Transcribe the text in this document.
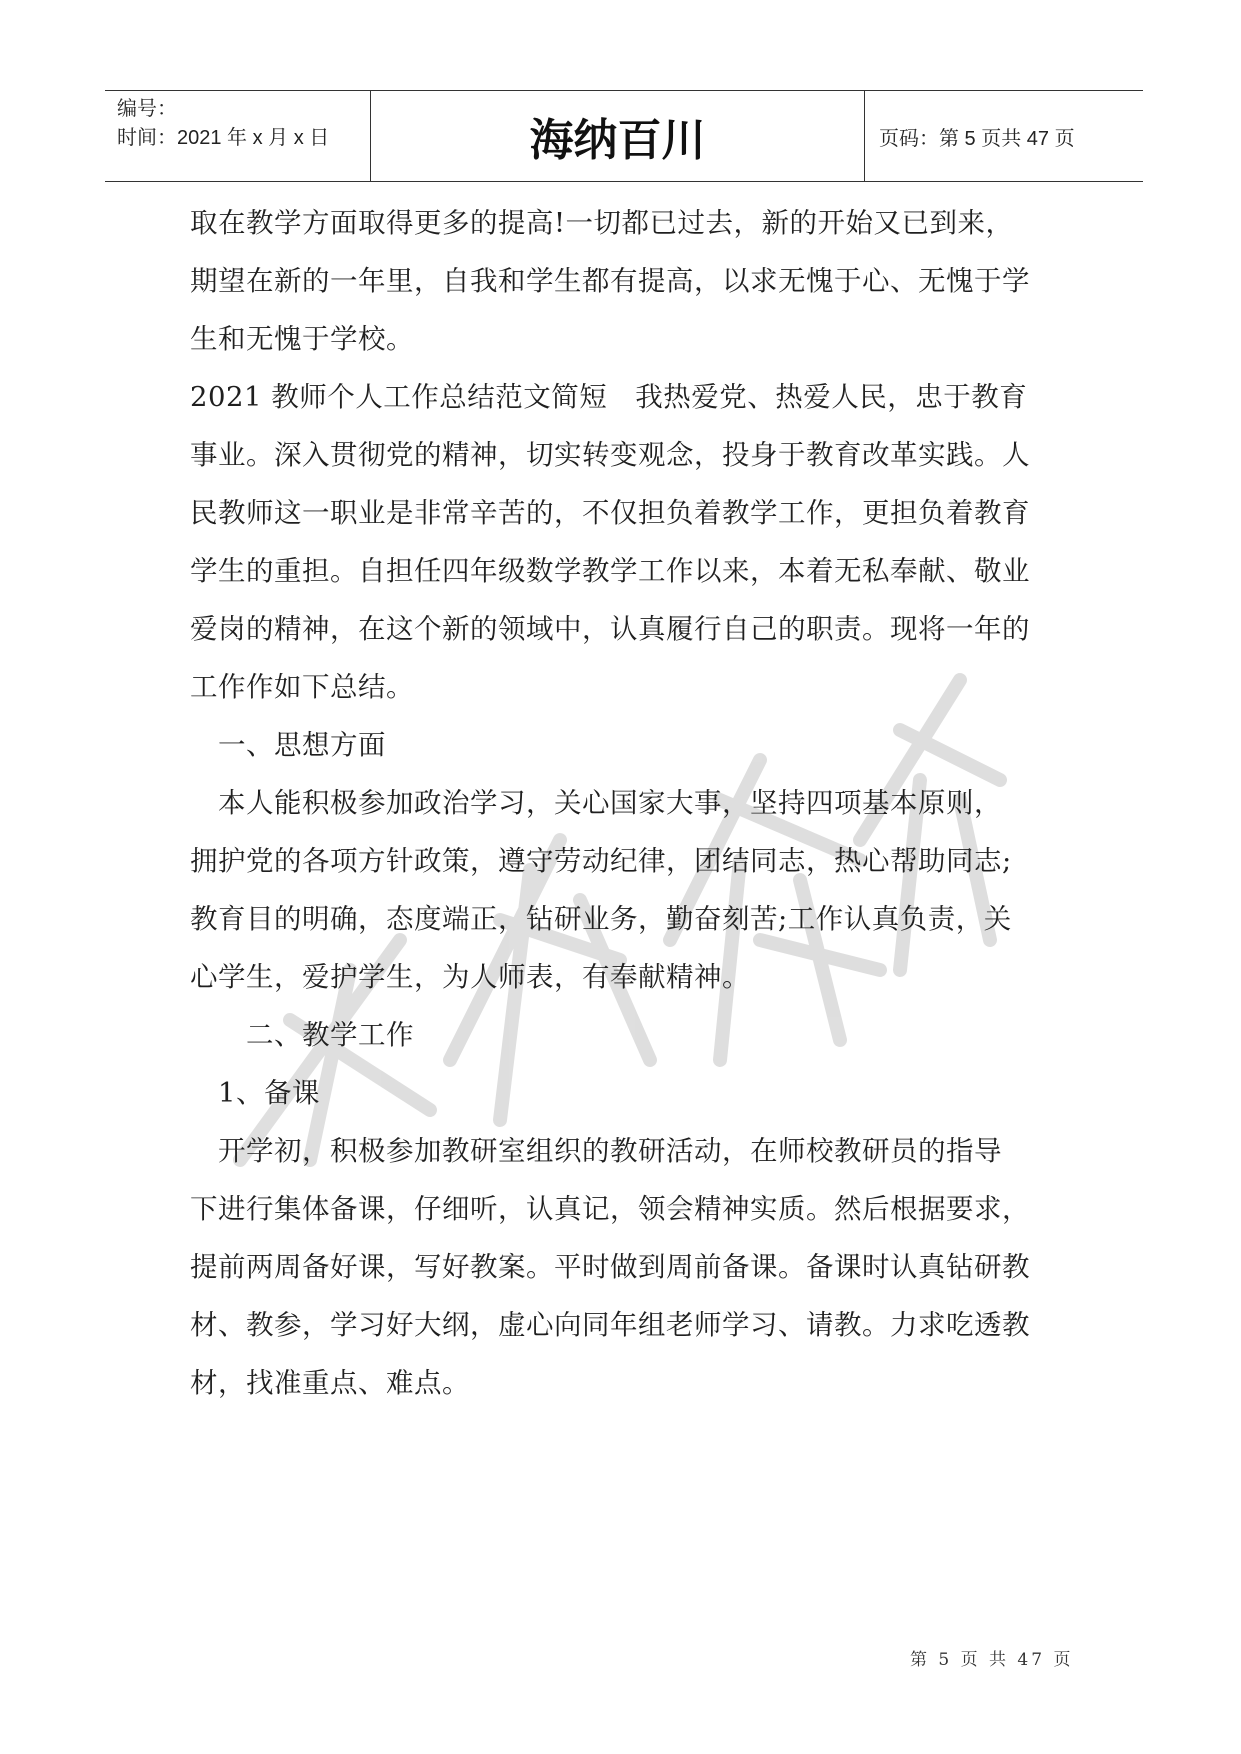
编号：
时间：2021 年 x 月 x 日	海纳百川	页码：第 5 页共 47 页
取在教学方面取得更多的提高!一切都已过去，新的开始又已到来，
期望在新的一年里，自我和学生都有提高，以求无愧于心、无愧于学
生和无愧于学校。
2021 教师个人工作总结范文简短　我热爱党、热爱人民，忠于教育
事业。深入贯彻党的精神，切实转变观念，投身于教育改革实践。人
民教师这一职业是非常辛苦的，不仅担负着教学工作，更担负着教育
学生的重担。自担任四年级数学教学工作以来，本着无私奉献、敬业
爱岗的精神，在这个新的领域中，认真履行自己的职责。现将一年的
工作作如下总结。
　一、思想方面
　本人能积极参加政治学习，关心国家大事，坚持四项基本原则，
拥护党的各项方针政策，遵守劳动纪律，团结同志，热心帮助同志;
教育目的明确，态度端正，钻研业务，勤奋刻苦;工作认真负责，关
心学生，爱护学生，为人师表，有奉献精神。
　　二、教学工作
　1、备课
　开学初，积极参加教研室组织的教研活动，在师校教研员的指导
下进行集体备课，仔细听，认真记，领会精神实质。然后根据要求，
提前两周备好课，写好教案。平时做到周前备课。备课时认真钻研教
材、教参，学习好大纲，虚心向同年组老师学习、请教。力求吃透教
材，找准重点、难点。
第 5 页 共 47 页
